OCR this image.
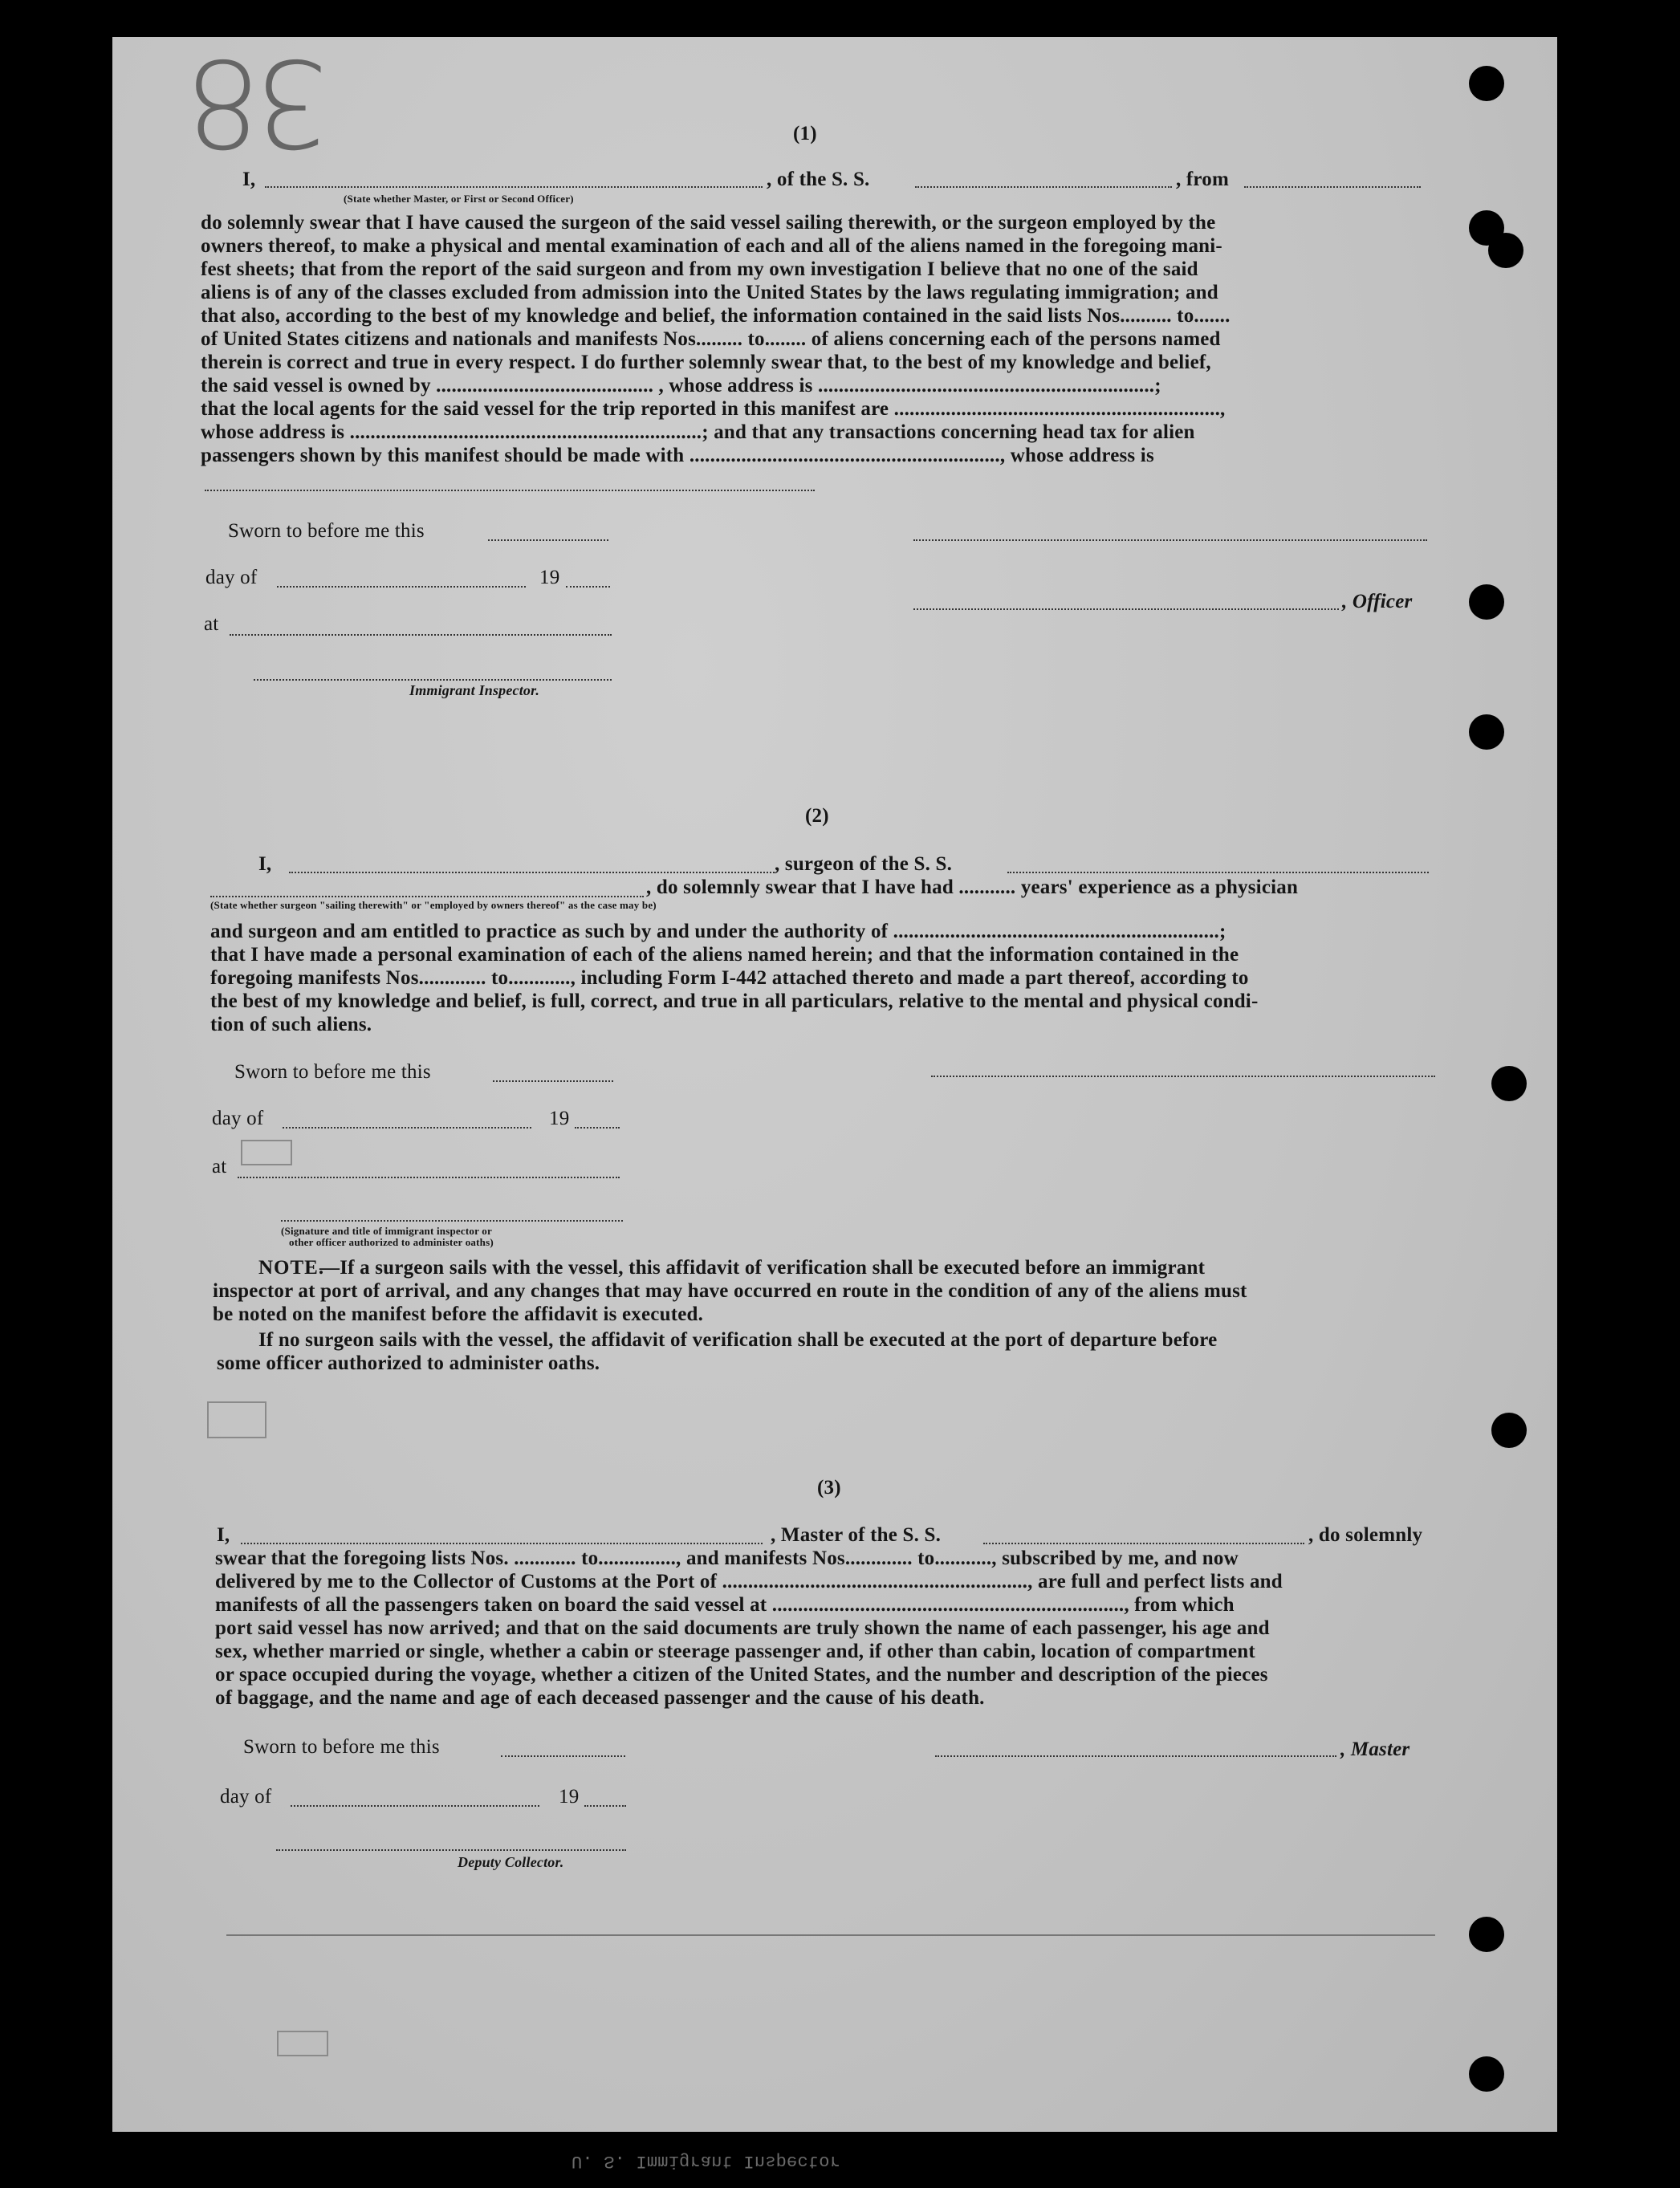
38	(1)
I,	, of the S. S.	, from
(State whether Master, or First or Second Officer)
do solemnly swear that I have caused the surgeon of the said vessel sailing therewith, or the surgeon employed by the
owners thereof, to make a physical and mental examination of each and all of the aliens named in the foregoing mani-
fest sheets; that from the report of the said surgeon and from my own investigation I believe that no one of the said
aliens is of any of the classes excluded from admission into the United States by the laws regulating immigration; and
that also, according to the best of my knowledge and belief, the information contained in the said lists Nos.......... to.......
of United States citizens and nationals and manifests Nos......... to........ of aliens concerning each of the persons named
therein is correct and true in every respect. I do further solemnly swear that, to the best of my knowledge and belief,
the said vessel is owned by .......................................... , whose address is .................................................................;
that the local agents for the said vessel for the trip reported in this manifest are ...............................................................,
whose address is ....................................................................; and that any transactions concerning head tax for alien
passengers shown by this manifest should be made with ............................................................, whose address is
Sworn to before me this
day of	19
at
Immigrant Inspector.
, Officer
(2)
I,	, surgeon of the S. S.
, do solemnly swear that I have had ........... years' experience as a physician
(State whether surgeon "sailing therewith" or "employed by owners thereof" as the case may be)
and surgeon and am entitled to practice as such by and under the authority of ...............................................................;
that I have made a personal examination of each of the aliens named herein; and that the information contained in the
foregoing manifests Nos............. to............, including Form I-442 attached thereto and made a part thereof, according to
the best of my knowledge and belief, is full, correct, and true in all particulars, relative to the mental and physical condi-
tion of such aliens.
Sworn to before me this
day of	19
at
(Signature and title of immigrant inspector or
other officer authorized to administer oaths)
NOTE.
—If a surgeon sails with the vessel, this affidavit of verification shall be executed before an immigrant
inspector at port of arrival, and any changes that may have occurred en route in the condition of any of the aliens must
be noted on the manifest before the affidavit is executed.
If no surgeon sails with the vessel, the affidavit of verification shall be executed at the port of departure before
some officer authorized to administer oaths.
(3)
I,	, Master of the S. S.	, do solemnly
swear that the foregoing lists Nos. ............ to..............., and manifests Nos............. to..........., subscribed by me, and now
delivered by me to the Collector of Customs at the Port of ..........................................................., are full and perfect lists and
manifests of all the passengers taken on board the said vessel at ...................................................................., from which
port said vessel has now arrived; and that on the said documents are truly shown the name of each passenger, his age and
sex, whether married or single, whether a cabin or steerage passenger and, if other than cabin, location of compartment
or space occupied during the voyage, whether a citizen of the United States, and the number and description of the pieces
of baggage, and the name and age of each deceased passenger and the cause of his death.
Sworn to before me this
day of	19
Deputy Collector.
, Master
U. S. Immigrant Inspector
